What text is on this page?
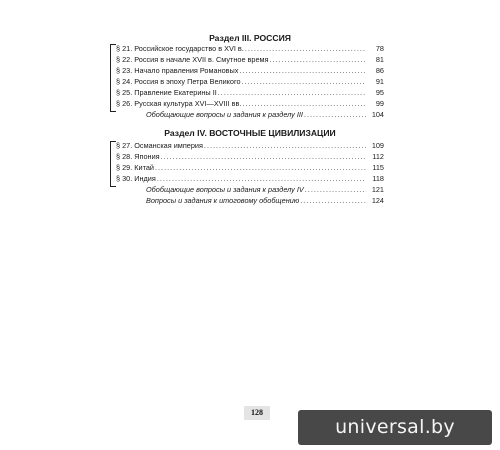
Раздел III. РОССИЯ
§ 21. Российское государство в XVI в. .....	78
§ 22. Россия в начале XVII в. Смутное время .....	81
§ 23. Начало правления Романовых .....	86
§ 24. Россия в эпоху Петра Великого .....	91
§ 25. Правление Екатерины II .....	95
§ 26. Русская культура XVI—XVIII вв. .....	99
Обобщающие вопросы и задания к разделу III .....	104
Раздел IV. ВОСТОЧНЫЕ ЦИВИЛИЗАЦИИ
§ 27. Османская империя .....	109
§ 28. Япония .....	112
§ 29. Китай .....	115
§ 30. Индия .....	118
Обобщающие вопросы и задания к разделу IV .....	121
Вопросы и задания к итоговому обобщению .....	124
128
universal.by
